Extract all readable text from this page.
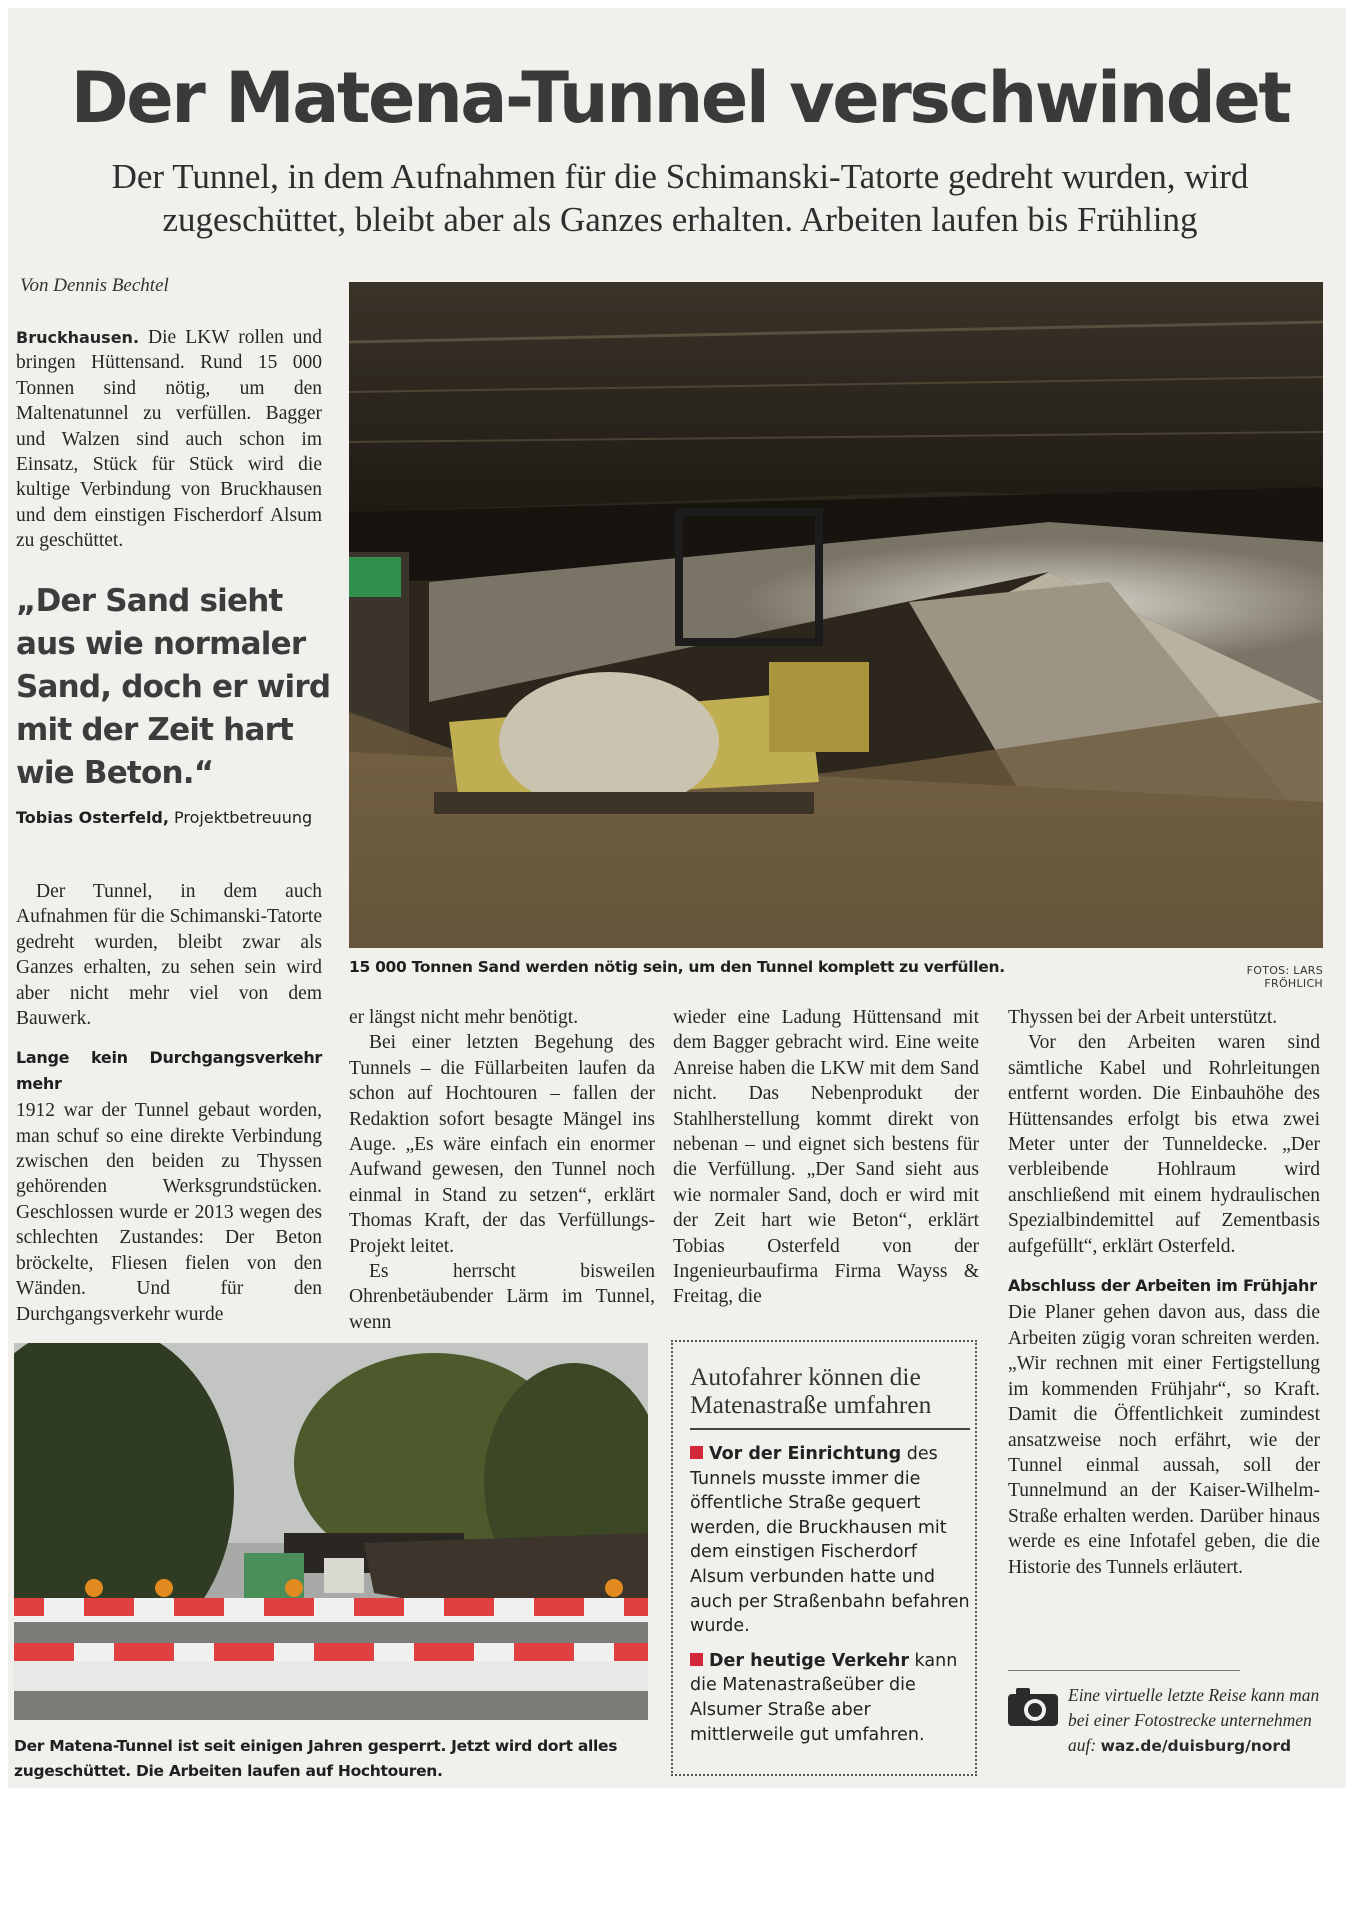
Der Matena-Tunnel verschwindet
Der Tunnel, in dem Aufnahmen für die Schimanski-Tatorte gedreht wurden, wird zugeschüttet, bleibt aber als Ganzes erhalten. Arbeiten laufen bis Frühling
Von Dennis Bechtel

Bruckhausen. Die LKW rollen und bringen Hüttensand. Rund 15 000 Tonnen sind nötig, um den Maltenatunnel zu verfüllen. Bagger und Walzen sind auch schon im Einsatz, Stück für Stück wird die kultige Verbindung von Bruckhausen und dem einstigen Fischerdorf Alsum zu geschüttet.

„Der Sand sieht aus wie normaler Sand, doch er wird mit der Zeit hart wie Beton.“
Tobias Osterfeld, Projektbetreuung

Der Tunnel, in dem auch Aufnahmen für die Schimanski-Tatorte gedreht wurden, bleibt zwar als Ganzes erhalten, zu sehen sein wird aber nicht mehr viel von dem Bauwerk.

Lange kein Durchgangsverkehr mehr

1912 war der Tunnel gebaut worden, man schuf so eine direkte Verbindung zwischen den beiden zu Thyssen gehörenden Werksgrundstücken. Geschlossen wurde er 2013 wegen des schlechten Zustandes: Der Beton bröckelte, Fliesen fielen von den Wänden. Und für den Durchgangsverkehr wurde

15 000 Tonnen Sand werden nötig sein, um den Tunnel komplett zu verfüllen.	FOTOS: LARS FRÖHLICH

er längst nicht mehr benötigt.

Bei einer letzten Begehung des Tunnels – die Füllarbeiten laufen da schon auf Hochtouren – fallen der Redaktion sofort besagte Mängel ins Auge. „Es wäre einfach ein enormer Aufwand gewesen, den Tunnel noch einmal in Stand zu setzen“, erklärt Thomas Kraft, der das Verfüllungs-Projekt leitet.

Es herrscht bisweilen Ohrenbetäubender Lärm im Tunnel, wenn

wieder eine Ladung Hüttensand mit dem Bagger gebracht wird. Eine weite Anreise haben die LKW mit dem Sand nicht. Das Nebenprodukt der Stahlherstellung kommt direkt von nebenan – und eignet sich bestens für die Verfüllung. „Der Sand sieht aus wie normaler Sand, doch er wird mit der Zeit hart wie Beton“, erklärt Tobias Osterfeld von der Ingenieurbaufirma Firma Wayss & Freitag, die

Thyssen bei der Arbeit unterstützt.

Vor den Arbeiten waren sind sämtliche Kabel und Rohrleitungen entfernt worden. Die Einbauhöhe des Hüttensandes erfolgt bis etwa zwei Meter unter der Tunneldecke. „Der verbleibende Hohlraum wird anschließend mit einem hydraulischen Spezialbindemittel auf Zementbasis aufgefüllt“, erklärt Osterfeld.

Abschluss der Arbeiten im Frühjahr

Die Planer gehen davon aus, dass die Arbeiten zügig voran schreiten werden. „Wir rechnen mit einer Fertigstellung im kommenden Frühjahr“, so Kraft. Damit die Öffentlichkeit zumindest ansatzweise noch erfährt, wie der Tunnel einmal aussah, soll der Tunnelmund an der Kaiser-Wilhelm-Straße erhalten werden. Darüber hinaus werde es eine Infotafel geben, die die Historie des Tunnels erläutert.

Der Matena-Tunnel ist seit einigen Jahren gesperrt. Jetzt wird dort alles zugeschüttet. Die Arbeiten laufen auf Hochtouren.
Autofahrer können die Matenastraße umfahren

Vor der Einrichtung des Tunnels musste immer die öffentliche Straße gequert werden, die Bruckhausen mit dem einstigen Fischerdorf Alsum verbunden hatte und auch per Straßenbahn befahren wurde.

Der heutige Verkehr kann die Matenastraßeüber die Alsumer Straße aber mittlerweile gut umfahren.

Eine virtuelle letzte Reise kann man bei einer Fotostrecke unternehmen auf: waz.de/duisburg/nord
